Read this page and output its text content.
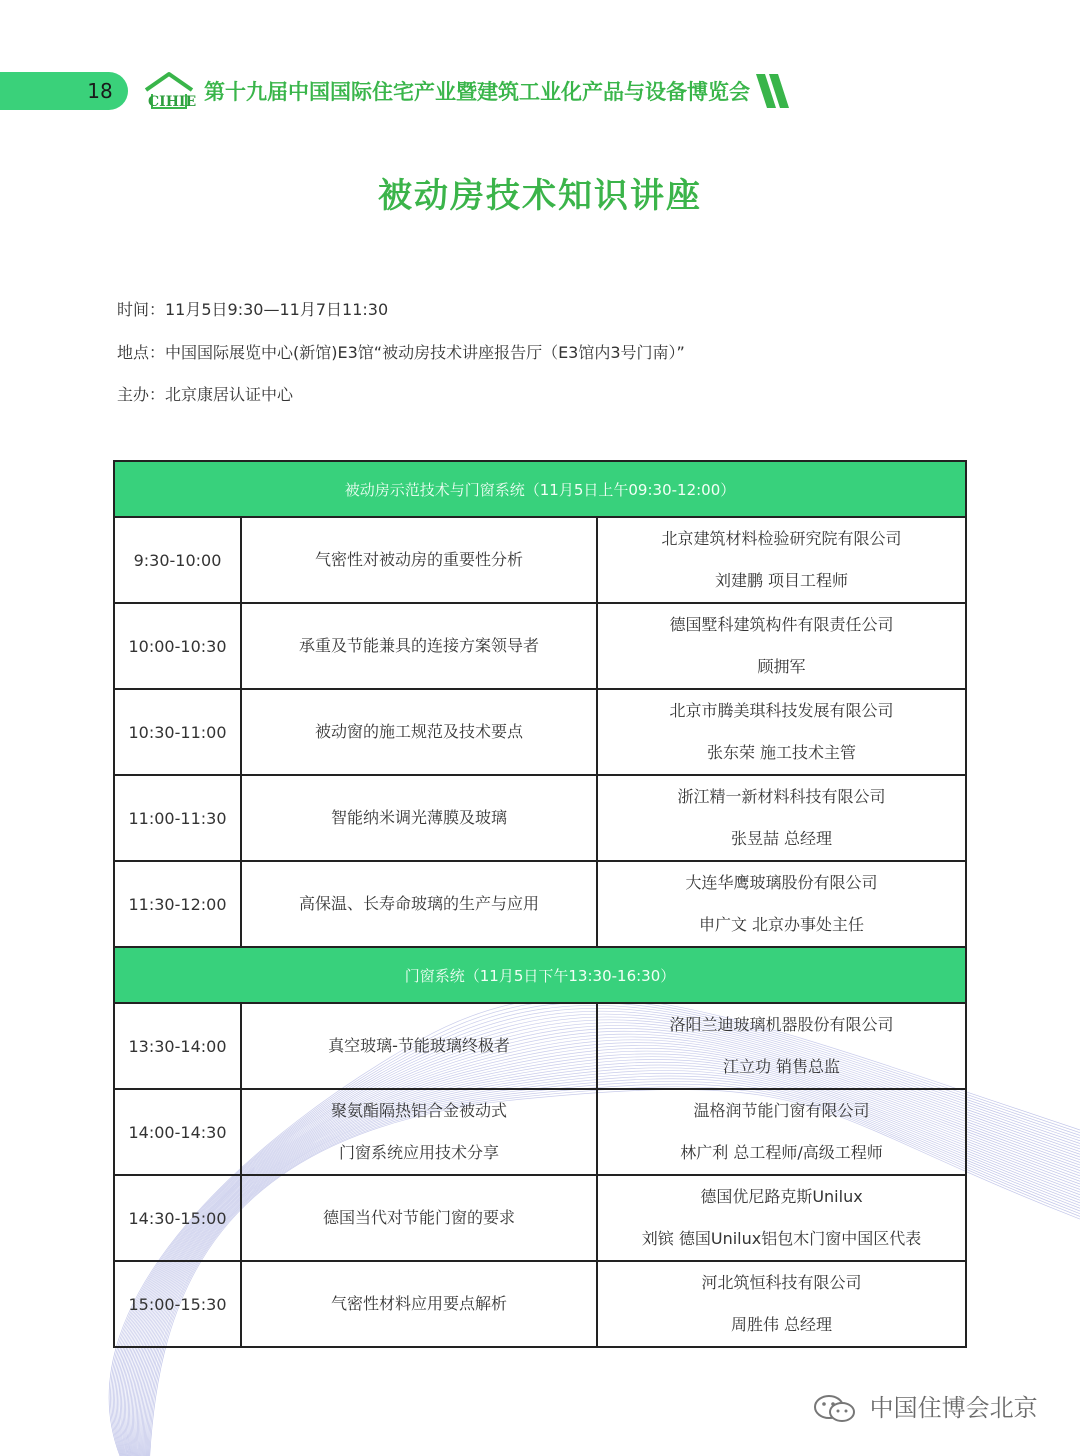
18	CIHIE 第十九届中国国际住宅产业暨建筑工业化产品与设备博览会
被动房技术知识讲座
时间：11月5日9:30—11月7日11:30
地点：中国国际展览中心(新馆)E3馆“被动房技术讲座报告厅（E3馆内3号门南）”
主办：北京康居认证中心
被动房示范技术与门窗系统（11月5日上午09:30-12:00）		
9:30-10:00	气密性对被动房的重要性分析	北京建筑材料检验研究院有限公司
刘建鹏 项目工程师

10:00-10:30	承重及节能兼具的连接方案领导者	德国墅科建筑构件有限责任公司
顾拥军

10:30-11:00	被动窗的施工规范及技术要点	北京市腾美琪科技发展有限公司
张东荣 施工技术主管

11:00-11:30	智能纳米调光薄膜及玻璃	浙江精一新材料科技有限公司
张昱喆 总经理

11:30-12:00	高保温、长寿命玻璃的生产与应用	大连华鹰玻璃股份有限公司
申广文 北京办事处主任

门窗系统（11月5日下午13:30-16:30）		
13:30-14:00	真空玻璃-节能玻璃终极者	洛阳兰迪玻璃机器股份有限公司
江立功 销售总监

14:00-14:30	聚氨酯隔热铝合金被动式
门窗系统应用技术分享	温格润节能门窗有限公司
林广利 总工程师/高级工程师

14:30-15:00	德国当代对节能门窗的要求	德国优尼路克斯Unilux
刘镔 德国Unilux铝包木门窗中国区代表

15:00-15:30	气密性材料应用要点解析	河北筑恒科技有限公司
周胜伟 总经理
中国住博会北京
